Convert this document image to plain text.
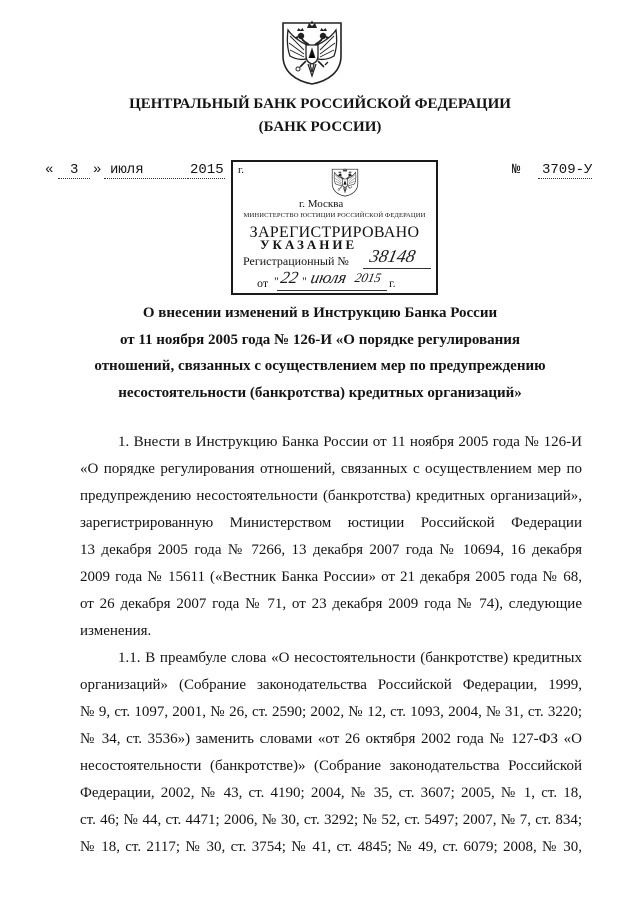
ЦЕНТРАЛЬНЫЙ БАНК РОССИЙСКОЙ ФЕДЕРАЦИИ
(БАНК РОССИИ)
« 3 » июля	2015	№ 3709-У
г.
г. Москва
МИНИСТЕРСТВО ЮСТИЦИИ РОССИЙСКОЙ ФЕДЕРАЦИИ
ЗАРЕГИСТРИРОВАНО
УКАЗАНИЕ
Регистрационный № 38148
от " 22 " июля 2015 г.
О внесении изменений в Инструкцию Банка России
от 11 ноября 2005 года № 126-И «О порядке регулирования
отношений, связанных с осуществлением мер по предупреждению
несостоятельности (банкротства) кредитных организаций»
1. Внести в Инструкцию Банка России от 11 ноября 2005 года № 126-И
«О порядке регулирования отношений, связанных с осуществлением мер по
предупреждению несостоятельности (банкротства) кредитных организаций»,
зарегистрированную Министерством юстиции Российской Федерации
13 декабря 2005 года № 7266, 13 декабря 2007 года № 10694, 16 декабря
2009 года № 15611 («Вестник Банка России» от 21 декабря 2005 года № 68,
от 26 декабря 2007 года № 71, от 23 декабря 2009 года № 74), следующие
изменения.
1.1. В преамбуле слова «О несостоятельности (банкротстве) кредитных
организаций» (Собрание законодательства Российской Федерации, 1999,
№ 9, ст. 1097, 2001, № 26, ст. 2590; 2002, № 12, ст. 1093, 2004, № 31, ст. 3220;
№ 34, ст. 3536») заменить словами «от 26 октября 2002 года № 127-ФЗ «О
несостоятельности (банкротстве)» (Собрание законодательства Российской
Федерации, 2002, № 43, ст. 4190; 2004, № 35, ст. 3607; 2005, № 1, ст. 18,
ст. 46; № 44, ст. 4471; 2006, № 30, ст. 3292; № 52, ст. 5497; 2007, № 7, ст. 834;
№ 18, ст. 2117; № 30, ст. 3754; № 41, ст. 4845; № 49, ст. 6079; 2008, № 30,
